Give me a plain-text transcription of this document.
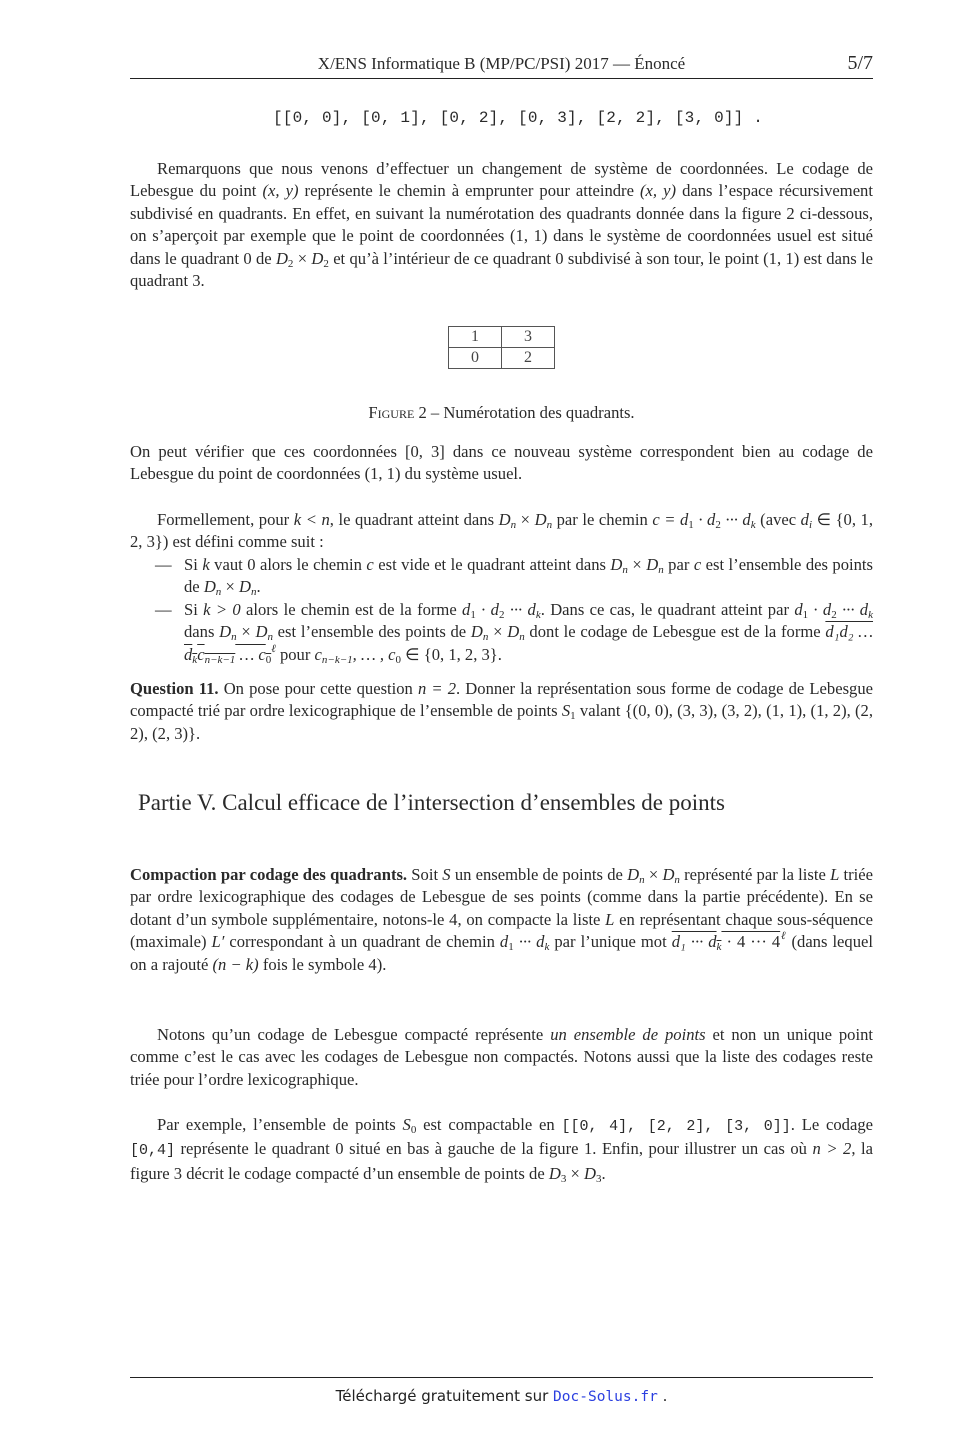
X/ENS Informatique B (MP/PC/PSI) 2017 — Énoncé	5/7
[[0, 0], [0, 1], [0, 2], [0, 3], [2, 2], [3, 0]] .

Remarquons que nous venons d’effectuer un changement de système de coordonnées. Le codage de Lebesgue du point (x, y) représente le chemin à emprunter pour atteindre (x, y) dans l’espace récursivement subdivisé en quadrants. En effet, en suivant la numérotation des quadrants donnée dans la figure 2 ci-dessous, on s’aperçoit par exemple que le point de coordonnées (1, 1) dans le système de coordonnées usuel est situé dans le quadrant 0 de $D_2 \times D_2$ et qu’à l’intérieur de ce quadrant 0 subdivisé à son tour, le point (1, 1) est dans le quadrant 3.

1	3
0	2
Figure 2 – Numérotation des quadrants.

On peut vérifier que ces coordonnées [0, 3] dans ce nouveau système correspondent bien au codage de Lebesgue du point de coordonnées (1, 1) du système usuel.

Formellement, pour k < n, le quadrant atteint dans $D_n \times D_n$ par le chemin $c = d_1 \cdot d_2$ ··· $d_k$ (avec $d_i$ ∈ {0, 1, 2, 3}) est défini comme suit :

— Si k vaut 0 alors le chemin c est vide et le quadrant atteint dans $D_n \times D_n$ par c est l’ensemble des points de $D_n \times D_n$.
— Si k > 0 alors le chemin est de la forme $d_1 \cdot d_2$ ··· $d_k$. Dans ce cas, le quadrant atteint par $d_1 \cdot d_2$ ··· $d_k$ dans $D_n \times D_n$ est l’ensemble des points de $D_n \times D_n$ dont le codage de Lebesgue est de la forme d₁d₂ … $d_kc_{n-k-1}$ … $c_0^\ell$ pour $c_{n-k-1}$, … , $c_0$ ∈ {0, 1, 2, 3}.

Question 11. On pose pour cette question n = 2. Donner la représentation sous forme de codage de Lebesgue compacté trié par ordre lexicographique de l’ensemble de points $S_1$ valant {(0, 0), (3, 3), (3, 2), (1, 1), (1, 2), (2, 2), (2, 3)}.

Partie V. Calcul efficace de l’intersection d’ensembles de points

Compaction par codage des quadrants. Soit S un ensemble de points de $D_n \times D_n$ représenté par la liste L triée par ordre lexicographique des codages de Lebesgue de ses points (comme dans la partie précédente). En se dotant d’un symbole supplémentaire, notons-le 4, on compacte la liste L en représentant chaque sous-séquence (maximale) L′ correspondant à un quadrant de chemin $d_1$ ··· $d_k$ par l’unique mot d₁ ··· $d_k \cdot 4$ ··· $4^\ell$ (dans lequel on a rajouté (n − k) fois le symbole 4).

Notons qu’un codage de Lebesgue compacté représente un ensemble de points et non un unique point comme c’est le cas avec les codages de Lebesgue non compactés. Notons aussi que la liste des codages reste triée pour l’ordre lexicographique.

Par exemple, l’ensemble de points $S_0$ est compactable en [[0, 4], [2, 2], [3, 0]]. Le codage [0,4] représente le quadrant 0 situé en bas à gauche de la figure 1. Enfin, pour illustrer un cas où n > 2, la figure 3 décrit le codage compacté d’un ensemble de points de $D_3 \times D_3$.

Téléchargé gratuitement sur Doc-Solus.fr .
